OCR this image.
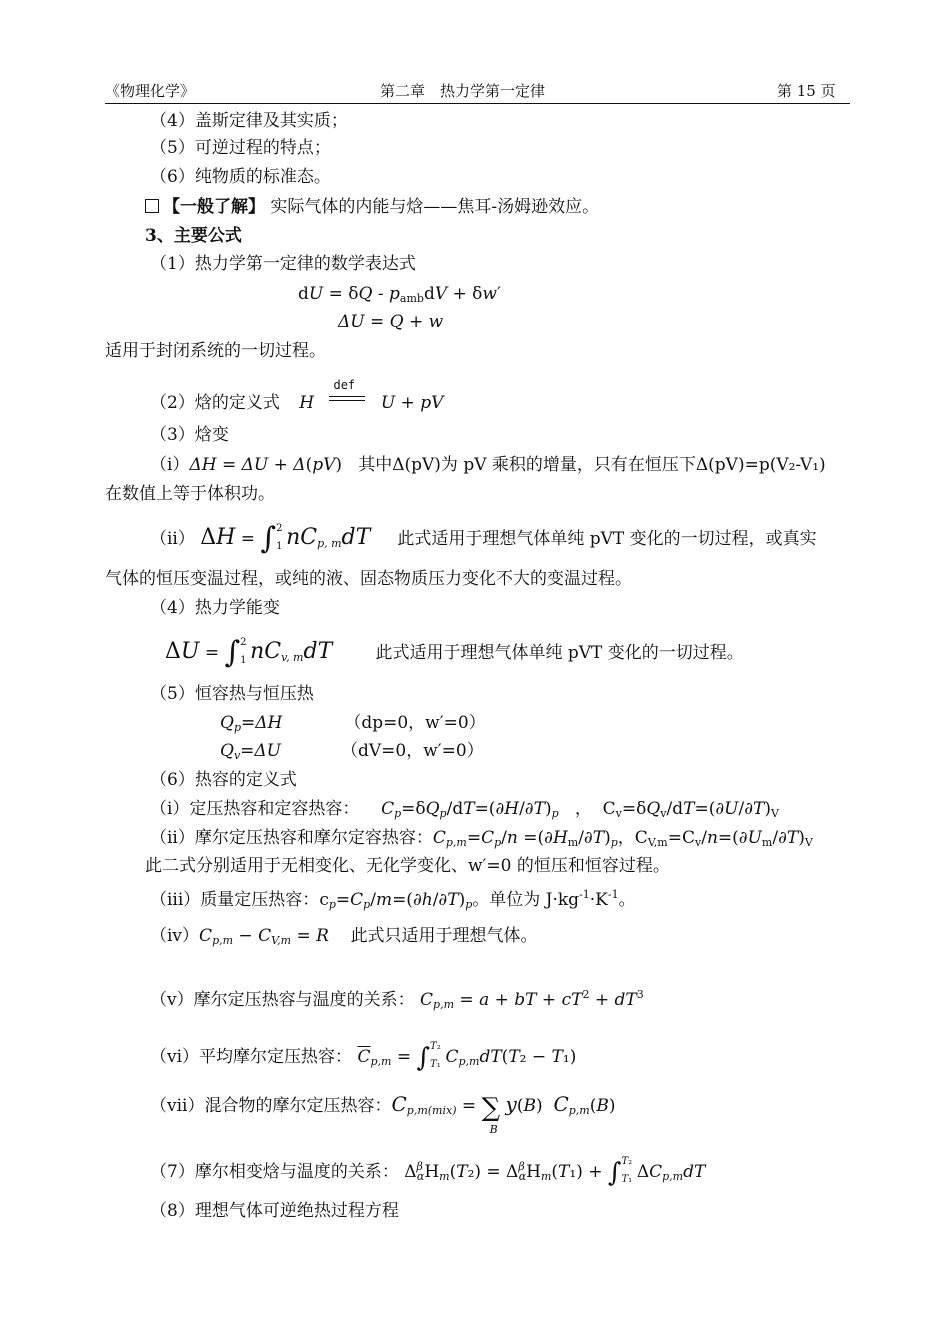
《物理化学》	第二章　热力学第一定律	第 15 页
（4）盖斯定律及其实质；
（5）可逆过程的特点；
（6）纯物质的标准态。
【一般了解】 实际气体的内能与焓——焦耳-汤姆逊效应。
3、主要公式
（1）热力学第一定律的数学表达式
dU = $\delta Q - p_{amb}dV + \delta w'$
ΔU = Q + w
适用于封闭系统的一切过程。
（2）焓的定义式 H
def
U + pV
（3）焓变
（i）ΔH = ΔU + Δ(pV)   其中Δ(pV)为 pV 乘积的增量，只有在恒压下Δ(pV)=p(V₂-V₁)
在数值上等于体积功。
（ii） ΔH = ∫ 2
1 $nC_{p, m}dT$ 此式适用于理想气体单纯 pVT 变化的一切过程，或真实
气体的恒压变温过程，或纯的液、固态物质压力变化不大的变温过程。
（4）热力学能变
ΔU = ∫ 2
1 $nC_{v, m}dT$	此式适用于理想气体单纯 pVT 变化的一切过程。
（5）恒容热与恒压热
$Q_p=\Delta H$	（dp=0，w′=0）
$Q_v=\Delta U$	（dV=0，w′=0）
（6）热容的定义式
（i）定压热容和定容热容： $C_p=\delta Q_p/dT=(\partial H/\partial T)_p$   ，  $C_v=\delta Q_v/dT=(\partial U/\partial T)_V$
（ii）摩尔定压热容和摩尔定容热容：$C_{p,m}=C_p/n =(\partial H_m/\partial T)_p$，$C_{V,m}=C_v/n=(\partial U_m/\partial T)_V$
此二式分别适用于无相变化、无化学变化、w′=0 的恒压和恒容过程。
（iii）质量定压热容：$c_p=C_p/m=(\partial h/\partial T)_p$。单位为 $J\cdot kg^{-1}\cdot K^{-1}$。
$(iv)C_{p,m} - C_{V,m} = R$ 此式只适用于理想气体。
（v）摩尔定压热容与温度的关系： $C_{p,m} = a$ + bT + $cT^2 + dT^3$
（vi）平均摩尔定压热容： $\overline{C}_{p,m}$ = ∫ T₂
T₁ $C_{p,m}dT(T_2 - T_1)$
（vii）混合物的摩尔定压热容：$C_{p,m(mix)}$ = ∑
B
y(B)  $C_{p,m}(B)$
（7）摩尔相变焓与温度的关系： $\Delta^\beta_\alpha H_m(T_2) = \Delta^\beta_\alpha H_m(T_1)$ + ∫ T₂
T₁ $\Delta C_{p,m}dT$
（8）理想气体可逆绝热过程方程
